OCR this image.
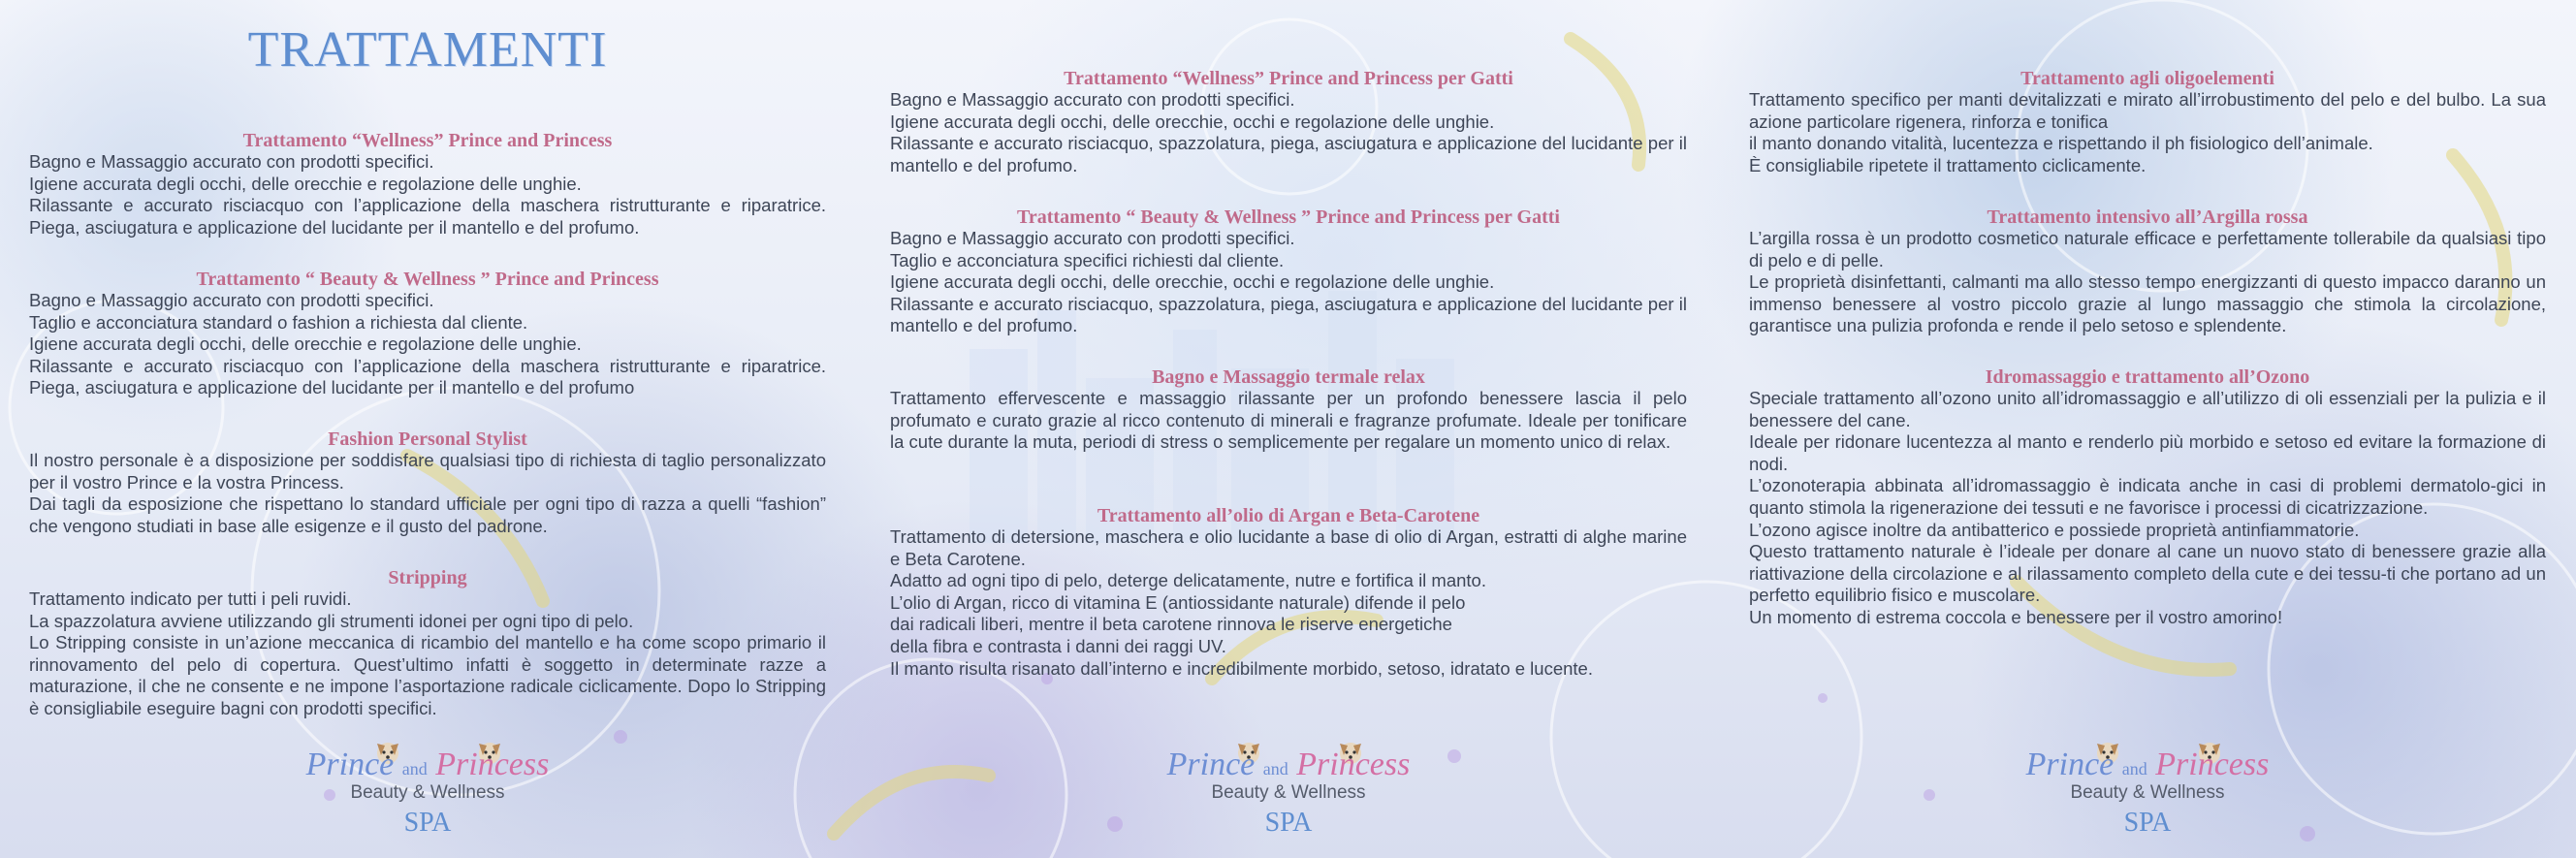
TRATTAMENTI

Trattamento “Wellness” Prince and Princess

Bagno e Massaggio accurato con prodotti specifici.
Igiene accurata degli occhi, delle orecchie e regolazione delle unghie.
Rilassante e accurato risciacquo con l’applicazione della maschera ristrutturante e riparatrice. Piega, asciugatura e applicazione del lucidante per il mantello e del profumo.

Trattamento “ Beauty & Wellness ” Prince and Princess

Bagno e Massaggio accurato con prodotti specifici.
Taglio e acconciatura standard o fashion a richiesta dal cliente.
Igiene accurata degli occhi, delle orecchie e regolazione delle unghie.
Rilassante e accurato risciacquo con l’applicazione della maschera ristrutturante e riparatrice. Piega, asciugatura e applicazione del lucidante per il mantello e del profumo

Fashion Personal Stylist

Il nostro personale è a disposizione per soddisfare qualsiasi tipo di richiesta di taglio personalizzato per il vostro Prince e la vostra Princess.
Dai tagli da esposizione che rispettano lo standard ufficiale per ogni tipo di razza a quelli “fashion” che vengono studiati in base alle esigenze e il gusto del padrone.

Stripping

Trattamento indicato per tutti i peli ruvidi.
La spazzolatura avviene utilizzando gli strumenti idonei per ogni tipo di pelo.
Lo Stripping consiste in un’azione meccanica di ricambio del mantello e ha come scopo primario il rinnovamento del pelo di copertura. Quest’ultimo infatti è soggetto in determinate razze a maturazione, il che ne consente e ne impone l’asportazione radicale ciclicamente. Dopo lo Stripping è consigliabile eseguire bagni con prodotti specifici.

Prince and Princess
Beauty & Wellness
SPA

Trattamento “Wellness” Prince and Princess per Gatti

Bagno e Massaggio accurato con prodotti specifici.
Igiene accurata degli occhi, delle orecchie, occhi e regolazione delle unghie.
Rilassante e accurato risciacquo, spazzolatura, piega, asciugatura e applicazione del lucidante per il mantello e del profumo.

Trattamento “ Beauty & Wellness ” Prince and Princess per Gatti

Bagno e Massaggio accurato con prodotti specifici.
Taglio e acconciatura specifici richiesti dal cliente.
Igiene accurata degli occhi, delle orecchie, occhi e regolazione delle unghie.
Rilassante e accurato risciacquo, spazzolatura, piega, asciugatura e applicazione del lucidante per il mantello e del profumo.

Bagno e Massaggio termale relax

Trattamento effervescente e massaggio rilassante per un profondo benessere lascia il pelo profumato e curato grazie al ricco contenuto di minerali e fragranze profumate. Ideale per tonificare la cute durante la muta, periodi di stress o semplicemente per regalare un momento unico di relax.

Trattamento all’olio di Argan e Beta-Carotene

Trattamento di detersione, maschera e olio lucidante a base di olio di Argan, estratti di alghe marine e Beta Carotene.
Adatto ad ogni tipo di pelo, deterge delicatamente, nutre e fortifica il manto.
L’olio di Argan, ricco di vitamina E (antiossidante naturale) difende il pelo
dai radicali liberi, mentre il beta carotene rinnova le riserve energetiche
della fibra e contrasta i danni dei raggi UV.
Il manto risulta risanato dall’interno e incredibilmente morbido, setoso, idratato e lucente.

Prince and Princess
Beauty & Wellness
SPA

Trattamento agli oligoelementi

Trattamento specifico per manti devitalizzati e mirato all’irrobustimento del pelo e del bulbo. La sua azione particolare rigenera, rinforza e tonifica
il manto donando vitalità, lucentezza e rispettando il ph fisiologico dell’animale.
È consigliabile ripetete il trattamento ciclicamente.

Trattamento intensivo all’Argilla rossa

L’argilla rossa è un prodotto cosmetico naturale efficace e perfettamente tollerabile da qualsiasi tipo di pelo e di pelle.
Le proprietà disinfettanti, calmanti ma allo stesso tempo energizzanti di questo impacco daranno un immenso benessere al vostro piccolo grazie al lungo massaggio che stimola la circolazione, garantisce una pulizia profonda e rende il pelo setoso e splendente.

Idromassaggio e trattamento all’Ozono

Speciale trattamento all’ozono unito all’idromassaggio e all’utilizzo di oli essenziali per la pulizia e il benessere del cane.
Ideale per ridonare lucentezza al manto e renderlo più morbido e setoso ed evitare la formazione di nodi.
L’ozonoterapia abbinata all’idromassaggio è indicata anche in casi di problemi dermatolo-gici in quanto stimola la rigenerazione dei tessuti e ne favorisce i processi di cicatrizzazione.
L’ozono agisce inoltre da antibatterico e possiede proprietà antinfiammatorie.
Questo trattamento naturale è l’ideale per donare al cane un nuovo stato di benessere grazie alla riattivazione della circolazione e al rilassamento completo della cute e dei tessu-ti che portano ad un perfetto equilibrio fisico e muscolare.
Un momento di estrema coccola e benessere per il vostro amorino!

Prince and Princess
Beauty & Wellness
SPA
